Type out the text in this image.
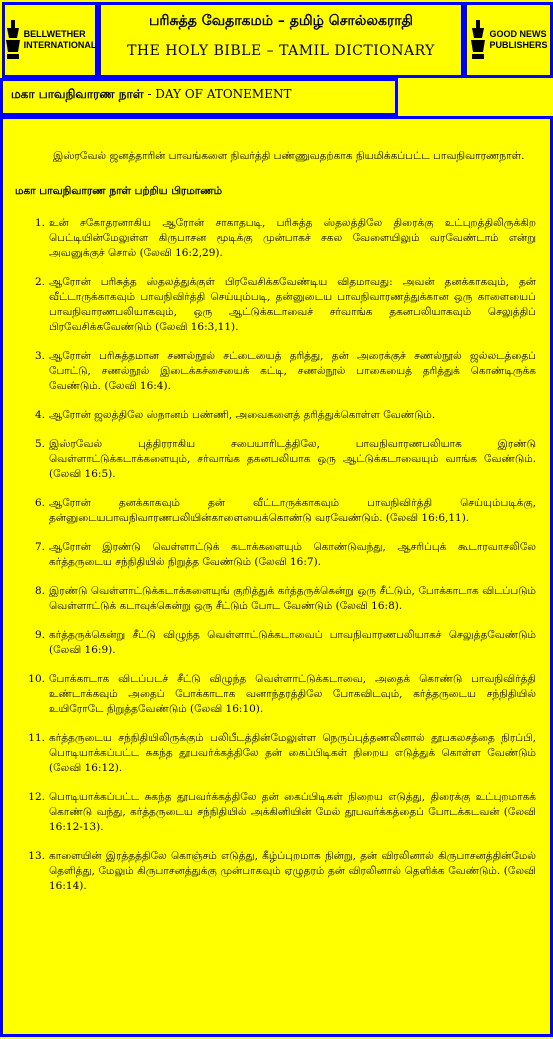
BELLWETHER
INTERNATIONAL
பரிசுத்த வேதாகமம் – தமிழ் சொல்லகராதி
THE HOLY BIBLE – TAMIL DICTIONARY
GOOD NEWS
PUBLISHERS
மகா பாவநிவாரண நாள் - DAY OF ATONEMENT
இஸ்ரவேல் ஜனத்தாரின் பாவங்களை நிவர்த்தி பண்ணுவதற்காக நியமிக்கப்பட்ட பாவநிவாரணநாள்.
மகா பாவநிவாரண நாள் பற்றிய பிரமாணம்
1. உன் சகோதரனாகிய ஆரோன் சாகாதபடி, பரிசுத்த ஸ்தலத்திலே திரைக்கு உட்புறத்திலிருக்கிற பெட்டியின்மேலுள்ள கிருபாசன மூடிக்கு முன்பாகச் சகல வேளையிலும் வரவேண்டாம் என்று அவனுக்குச் சொல் (லேவி 16:2,29).
2. ஆரோன் பரிசுத்த ஸ்தலத்துக்குள் பிரவேசிக்கவேண்டிய விதமாவது: அவன் தனக்காகவும், தன் வீட்டாருக்காகவும் பாவநிவிர்த்தி செய்யும்படி, தன்னுடைய பாவநிவாரணத்துக்கான ஒரு காளையைப் பாவநிவாரணபலியாகவும், ஒரு ஆட்டுக்கடாவைச் சர்வாங்க தகனபலியாகவும் செலுத்திப் பிரவேசிக்கவேண்டும் (லேவி 16:3,11).
3. ஆரோன் பரிசுத்தமான சணல்நூல் சட்டையைத் தரித்து, தன் அரைக்குச் சணல்நூல் ஜல்லடத்தைப் போட்டு, சணல்நூல் இடைக்கச்சையைக் கட்டி, சணல்நூல் பாகையைத் தரித்துக் கொண்டிருக்க வேண்டும். (லேவி 16:4).
4. ஆரோன் ஜலத்திலே ஸ்நானம் பண்ணி, அவைகளைத் தரித்துக்கொள்ள வேண்டும்.
5. இஸ்ரவேல் புத்திரராகிய சபையாரிடத்திலே, பாவநிவாரணபலியாக இரண்டு வெள்ளாட்டுக்கடாக்களையும், சர்வாங்க தகனபலியாக ஒரு ஆட்டுக்கடாவையும் வாங்க வேண்டும். (லேவி 16:5).
6. ஆரோன் தனக்காகவும் தன் வீட்டாருக்காகவும் பாவநிவிர்த்தி செய்யும்படிக்கு, தன்னுடையபாவநிவாரணபலியின்காளையைக்கொண்டு வரவேண்டும். (லேவி 16:6,11).
7. ஆரோன் இரண்டு வெள்ளாட்டுக் கடாக்களையும் கொண்டுவந்து, ஆசரிப்புக் கூடாரவாசலிலே கர்த்தருடைய சந்நிதியில் நிறுத்த வேண்டும் (லேவி 16:7).
8. இரண்டு வெள்ளாட்டுக்கடாக்களையுங் குறித்துக் கர்த்தருக்கென்று ஒரு சீட்டும், போக்காடாக விடப்படும் வெள்ளாட்டுக் கடாவுக்கென்று ஒரு சீட்டும் போட வேண்டும் (லேவி 16:8).
9. கர்த்தருக்கென்று சீட்டு விழுந்த வெள்ளாட்டுக்கடாவைப் பாவநிவாரணபலியாகச் செலுத்தவேண்டும் (லேவி 16:9).
10. போக்காடாக விடப்படச் சீட்டு விழுந்த வெள்ளாட்டுக்கடாவை, அதைக் கொண்டு பாவநிவிர்த்தி உண்டாக்கவும் அதைப் போக்காடாக வனாந்தரத்திலே போகவிடவும், கர்த்தருடைய சந்நிதியில் உயிரோடே நிறுத்தவேண்டும் (லேவி 16:10).
11. கர்த்தருடைய சந்நிதியிலிருக்கும் பலிபீடத்தின்மேலுள்ள நெருப்புத்தணலினால் தூபகலசத்தை நிரப்பி, பொடியாக்கப்பட்ட சுகந்த தூபவர்க்கத்திலே தன் கைப்பிடிகள் நிறைய எடுத்துக் கொள்ள வேண்டும் (லேவி 16:12).
12. பொடியாக்கப்பட்ட சுகந்த தூபவர்க்கத்திலே தன் கைப்பிடிகள் நிறைய எடுத்து, திரைக்கு உட்புறமாகக் கொண்டு வந்து, கர்த்தருடைய சந்நிதியில் அக்கினியின் மேல் தூபவர்க்கத்தைப் போடக்கடவன் (லேவி 16:12-13).
13. காளையின் இரத்தத்திலே கொஞ்சம் எடுத்து, கீழ்ப்புறமாக நின்று, தன் விரலினால் கிருபாசனத்தின்மேல் தெளித்து, மேலும் கிருபாசனத்துக்கு முன்பாகவும் ஏழுதரம் தன் விரலினால் தெளிக்க வேண்டும். (லேவி 16:14).
